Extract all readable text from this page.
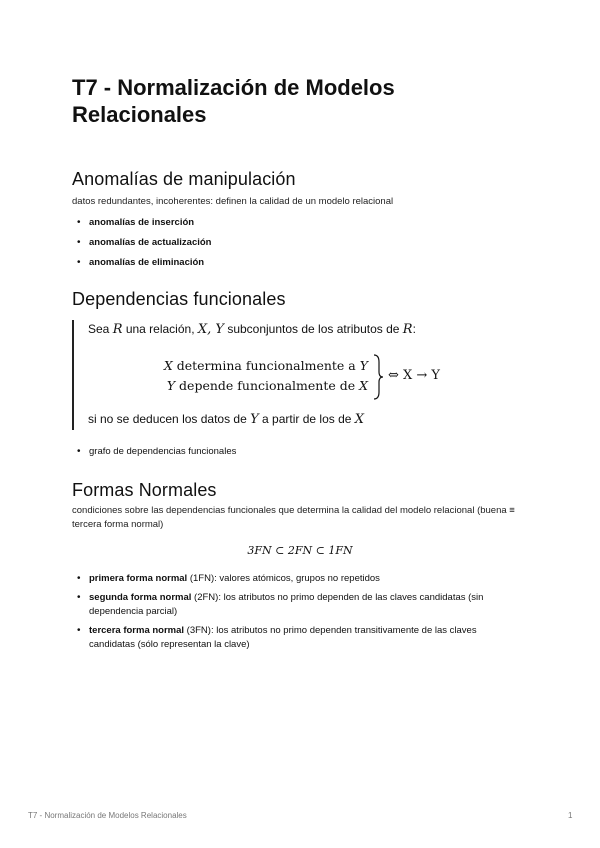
T7 - Normalización de Modelos Relacionales
Anomalías de manipulación
datos redundantes, incoherentes: definen la calidad de un modelo relacional
• anomalías de inserción
• anomalías de actualización
• anomalías de eliminación
Dependencias funcionales
Sea R una relación, X, Y subconjuntos de los atributos de R:
X determina funcionalmente a Y
Y depende funcionalmente de X
⇔ X → Y
si no se deducen los datos de Y a partir de los de X
• grafo de dependencias funcionales
Formas Normales
condiciones sobre las dependencias funcionales que determina la calidad del modelo relacional (buena ≡ tercera forma normal)
3FN ⊂ 2FN ⊂ 1FN
• primera forma normal (1FN): valores atómicos, grupos no repetidos
• segunda forma normal (2FN): los atributos no primo dependen de las claves candidatas (sin dependencia parcial)
• tercera forma normal (3FN): los atributos no primo dependen transitivamente de las claves candidatas (sólo representan la clave)
T7 - Normalización de Modelos Relacionales	1
